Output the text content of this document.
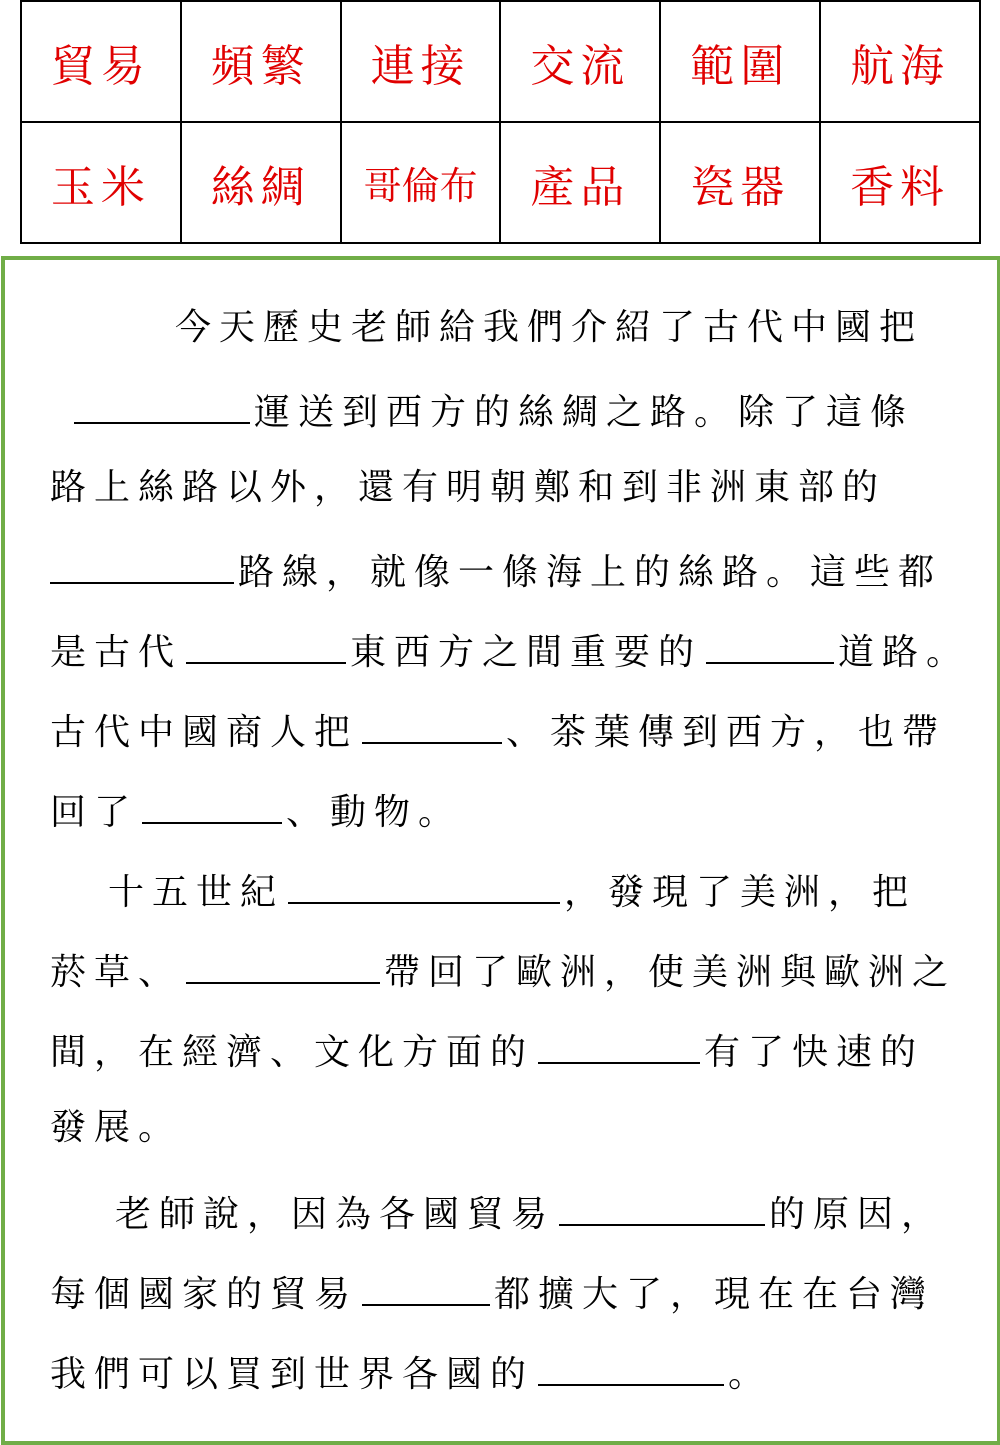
貿易	頻繁	連接	交流	範圍	航海
玉米	絲綢	哥倫布	產品	瓷器	香料
今天歷史老師給我們介紹了古代中國把
運送到西方的絲綢之路。除了這條
路上絲路以外，還有明朝鄭和到非洲東部的
路線，就像一條海上的絲路。這些都
是古代	東西方之間重要的	道路。
古代中國商人把	、茶葉傳到西方，也帶
回了	、動物。
十五世紀	，發現了美洲，把
菸草、	帶回了歐洲，使美洲與歐洲之
間，在經濟、文化方面的	有了快速的
發展。
老師說，因為各國貿易	的原因，
每個國家的貿易	都擴大了，現在在台灣
我們可以買到世界各國的	。
